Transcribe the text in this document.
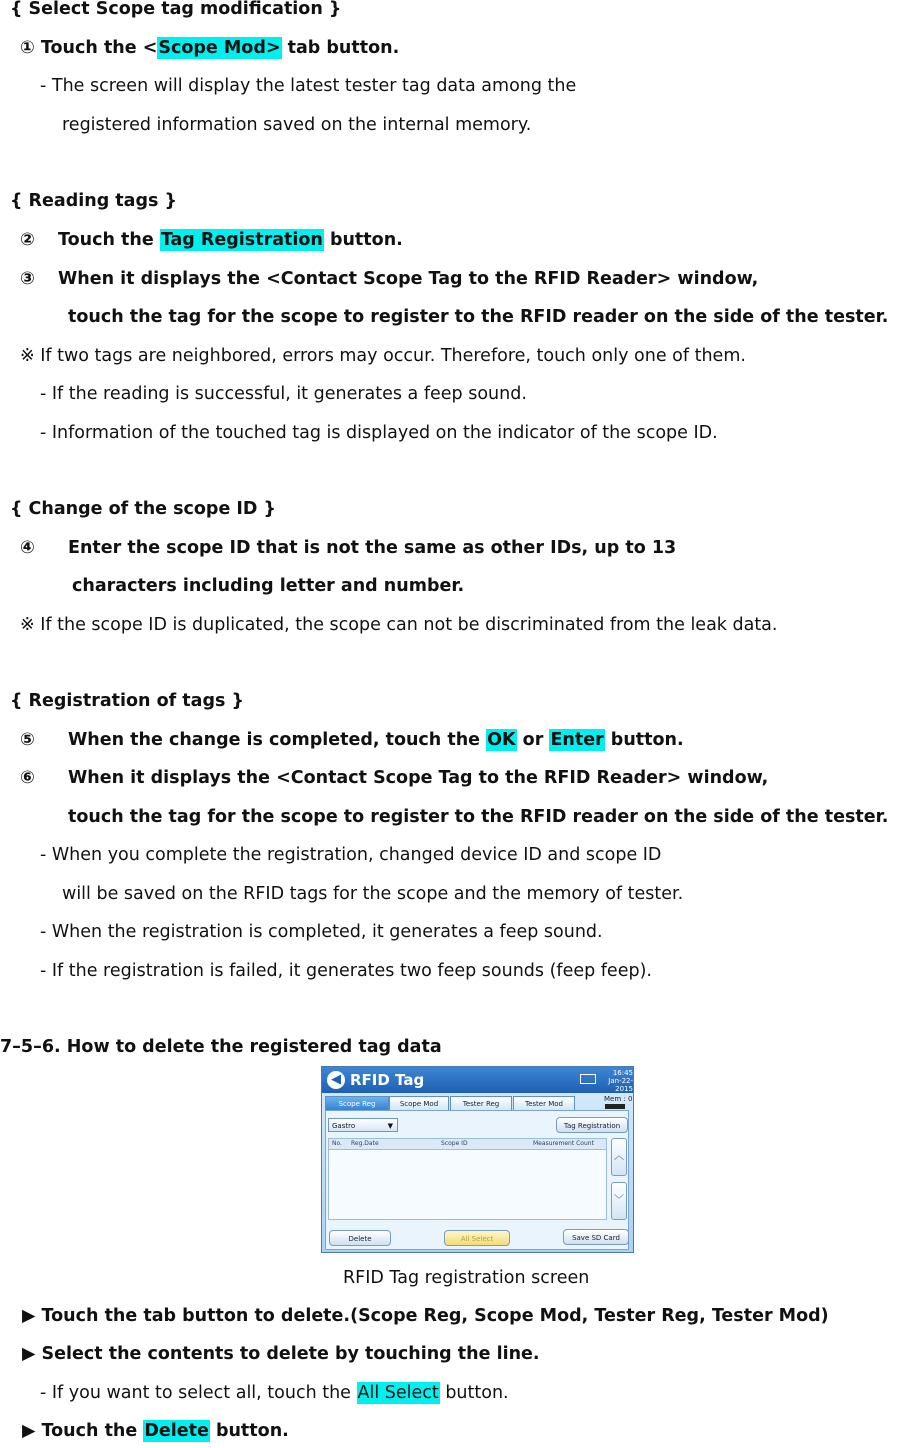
{ Select Scope tag modification }
① Touch the <Scope Mod> tab button.
- The screen will display the latest tester tag data among the
registered information saved on the internal memory.
{ Reading tags }
② Touch the Tag Registration button.
③ When it displays the <Contact Scope Tag to the RFID Reader> window,
touch the tag for the scope to register to the RFID reader on the side of the tester.
※ If two tags are neighbored, errors may occur. Therefore, touch only one of them.
- If the reading is successful, it generates a feep sound.
- Information of the touched tag is displayed on the indicator of the scope ID.
{ Change of the scope ID }
④ Enter the scope ID that is not the same as other IDs, up to 13
characters including letter and number.
※ If the scope ID is duplicated, the scope can not be discriminated from the leak data.
{ Registration of tags }
⑤ When the change is completed, touch the OK or Enter button.
⑥ When it displays the <Contact Scope Tag to the RFID Reader> window,
touch the tag for the scope to register to the RFID reader on the side of the tester.
- When you complete the registration, changed device ID and scope ID
will be saved on the RFID tags for the scope and the memory of tester.
- When the registration is completed, it generates a feep sound.
- If the registration is failed, it generates two feep sounds (feep feep).
7–5–6. How to delete the registered tag data
◀ RFID Tag	16:45
Jan-22-2015
Scope Reg	Scope Mod	Tester Reg	Tester Mod
Mem : 0
Gastro	▼	Tag Registration
No. Reg.Date	Scope ID	Measurement Count
︿
﹀
Delete	All Select	Save SD Card
RFID Tag registration screen
▶ Touch the tab button to delete.(Scope Reg, Scope Mod, Tester Reg, Tester Mod)
▶ Select the contents to delete by touching the line.
- If you want to select all, touch the All Select button.
▶ Touch the Delete button.
